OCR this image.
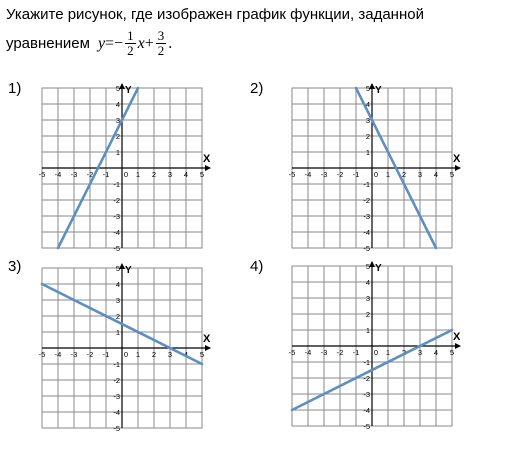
Укажите рисунок, где изображен график функции, заданной
уравнением y = − $\frac{1}{2}$ $x + \frac{3}{2}$ .
1)
X
Y
-5 -4 -3 -2 -1 0 1 2 3 4 5
5
4
3
2
1
-1
-2
-3
-4
-5
2)
X
Y
-5 -4 -3 -2 -1 0 1 2 3 4 5
5
4
3
2
1
-1
-2
-3
-4
-5
3)
X
Y
-5 -4 -3 -2 -1 0 1 2 3 4 5
5
4
3
2
1
-1
-2
-3
-4
-5
4)
X
Y
-5 -4 -3 -2 -1 0 1 2 3 4 5
5
4
3
2
1
-1
-2
-3
-4
-5
